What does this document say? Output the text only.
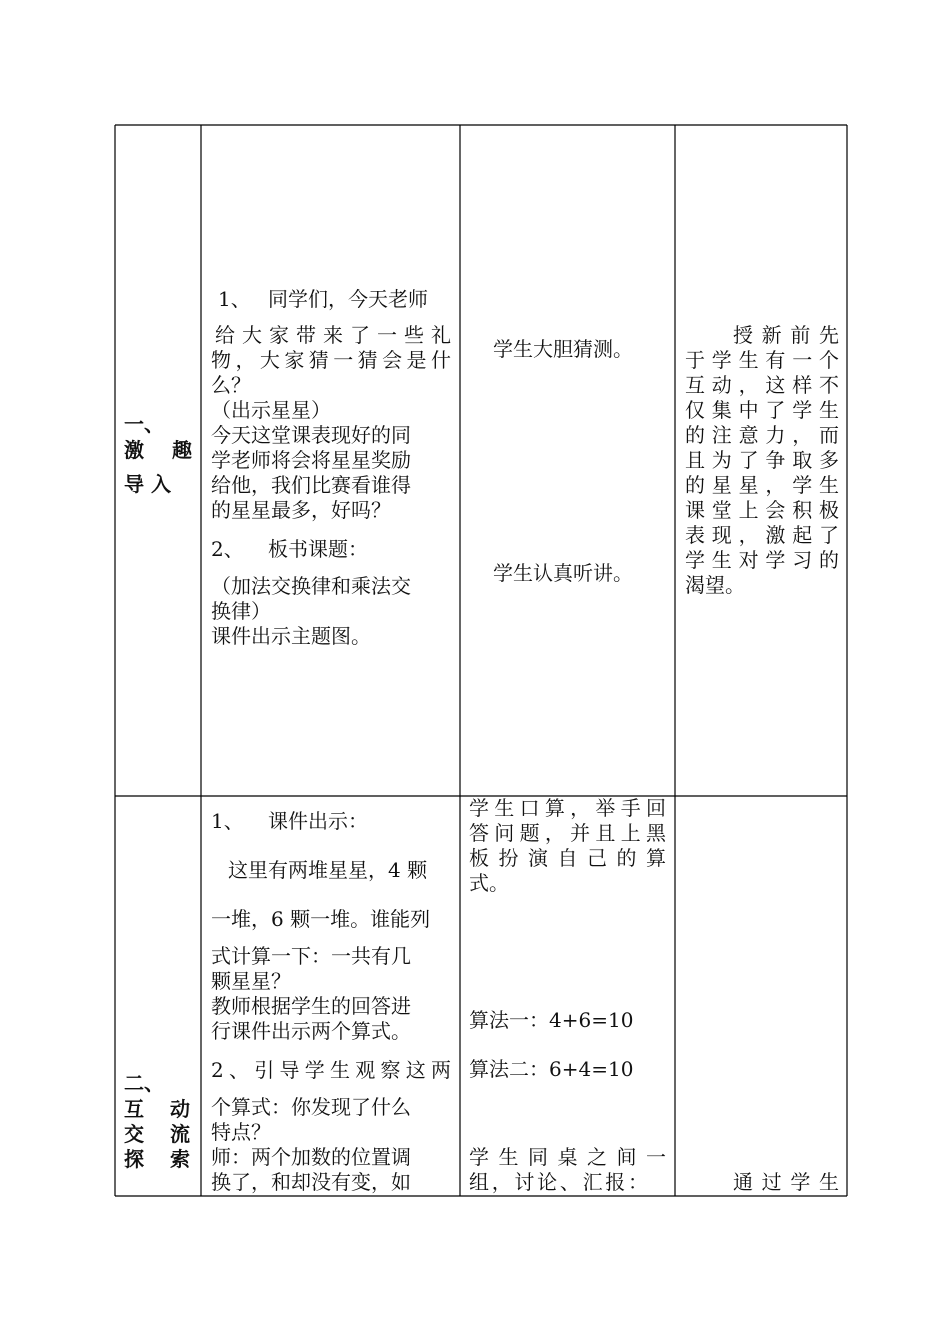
一、
激 趣
导 入
1、 同学们，今天老师
给大家带来了一些礼
物，大家猜一猜会是什
么？
（出示星星）
今天这堂课表现好的同
学老师将会将星星奖励
给他，我们比赛看谁得
的星星最多，好吗？
2、 板书课题：
（加法交换律和乘法交
换律）
课件出示主题图。
学生大胆猜测。
学生认真听讲。
授新前先
于学生有一个
互动，这样不
仅集中了学生
的注意力，而
且为了争取多
的星星，学生
课堂上会积极
表现，激起了
学生对学习的
渴望。
二、
互 动
交 流
探 索
1、 课件出示：
这里有两堆星星，4 颗
一堆，6 颗一堆。谁能列
式计算一下：一共有几
颗星星？
教师根据学生的回答进
行课件出示两个算式。
2、引导学生观察这两
个算式：你发现了什么
特点？
师：两个加数的位置调
换了，和却没有变，如
学生口算，举手回
答问题，并且上黑
板扮演自己的算
式。
算法一：4+6=10
算法二：6+4=10
学生同桌之间一
组，讨论、汇报：	通过学生
